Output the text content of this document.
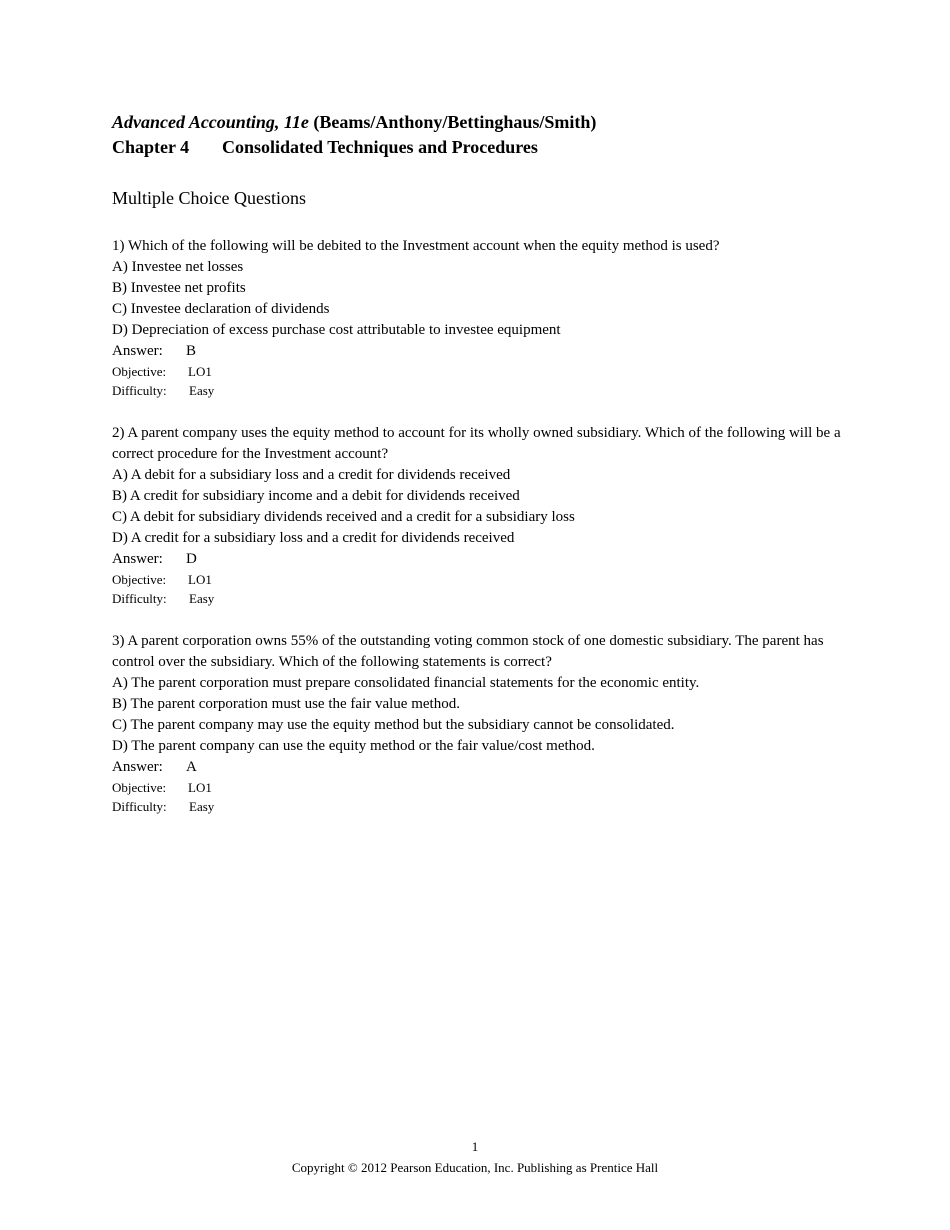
Advanced Accounting, 11e (Beams/Anthony/Bettinghaus/Smith)

Chapter 4 Consolidated Techniques and Procedures

Multiple Choice Questions

1) Which of the following will be debited to the Investment account when the equity method is used?

A) Investee net losses

B) Investee net profits

C) Investee declaration of dividends

D) Depreciation of excess purchase cost attributable to investee equipment

Answer: B

Objective: LO1

Difficulty: Easy

2) A parent company uses the equity method to account for its wholly owned subsidiary. Which of the following will be a correct procedure for the Investment account?

A) A debit for a subsidiary loss and a credit for dividends received

B) A credit for subsidiary income and a debit for dividends received

C) A debit for subsidiary dividends received and a credit for a subsidiary loss

D) A credit for a subsidiary loss and a credit for dividends received

Answer: D

Objective: LO1

Difficulty: Easy

3) A parent corporation owns 55% of the outstanding voting common stock of one domestic subsidiary. The parent has control over the subsidiary. Which of the following statements is correct?

A) The parent corporation must prepare consolidated financial statements for the economic entity.

B) The parent corporation must use the fair value method.

C) The parent company may use the equity method but the subsidiary cannot be consolidated.

D) The parent company can use the equity method or the fair value/cost method.

Answer: A

Objective: LO1

Difficulty: Easy

1
Copyright © 2012 Pearson Education, Inc. Publishing as Prentice Hall
